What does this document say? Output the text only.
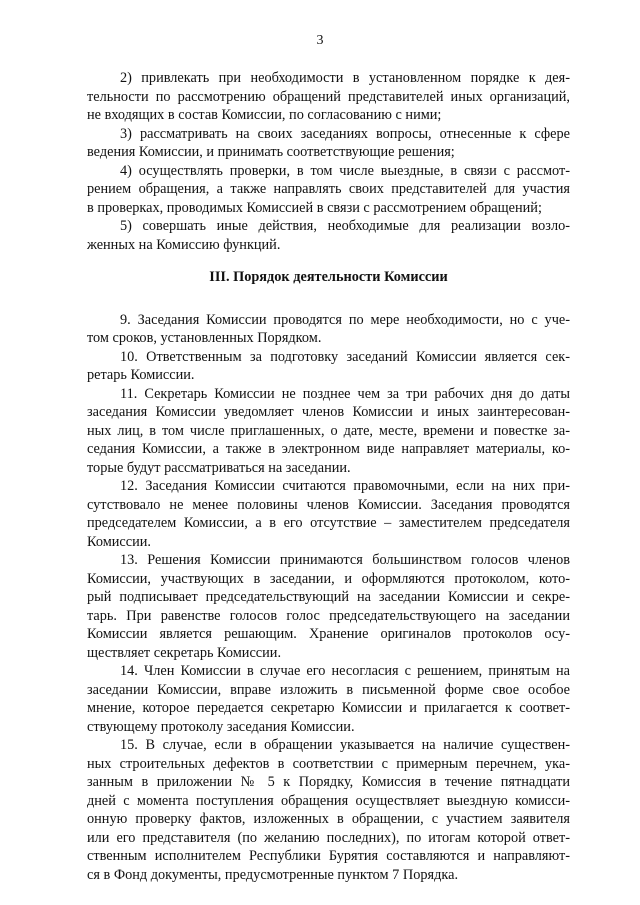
3
2) привлекать при необходимости в установленном порядке к дея-
тельности по рассмотрению обращений представителей иных организаций,
не входящих в состав Комиссии, по согласованию с ними;
3) рассматривать на своих заседаниях вопросы, отнесенные к сфере
ведения Комиссии, и принимать соответствующие решения;
4) осуществлять проверки, в том числе выездные, в связи с рассмот-
рением обращения, а также направлять своих представителей для участия
в проверках, проводимых Комиссией в связи с рассмотрением обращений;
5) совершать иные действия, необходимые для реализации возло-
женных на Комиссию функций.
III. Порядок деятельности Комиссии
9. Заседания Комиссии проводятся по мере необходимости, но с уче-
том сроков, установленных Порядком.
10. Ответственным за подготовку заседаний Комиссии является сек-
ретарь Комиссии.
11. Секретарь Комиссии не позднее чем за три рабочих дня до даты
заседания Комиссии уведомляет членов Комиссии и иных заинтересован-
ных лиц, в том числе приглашенных, о дате, месте, времени и повестке за-
седания Комиссии, а также в электронном виде направляет материалы, ко-
торые будут рассматриваться на заседании.
12. Заседания Комиссии считаются правомочными, если на них при-
сутствовало не менее половины членов Комиссии. Заседания проводятся
председателем Комиссии, а в его отсутствие – заместителем председателя
Комиссии.
13. Решения Комиссии принимаются большинством голосов членов
Комиссии, участвующих в заседании, и оформляются протоколом, кото-
рый подписывает председательствующий на заседании Комиссии и секре-
тарь. При равенстве голосов голос председательствующего на заседании
Комиссии является решающим. Хранение оригиналов протоколов осу-
ществляет секретарь Комиссии.
14. Член Комиссии в случае его несогласия с решением, принятым на
заседании Комиссии, вправе изложить в письменной форме свое особое
мнение, которое передается секретарю Комиссии и прилагается к соответ-
ствующему протоколу заседания Комиссии.
15. В случае, если в обращении указывается на наличие существен-
ных строительных дефектов в соответствии с примерным перечнем, ука-
занным в приложении № 5 к Порядку, Комиссия в течение пятнадцати
дней с момента поступления обращения осуществляет выездную комисси-
онную проверку фактов, изложенных в обращении, с участием заявителя
или его представителя (по желанию последних), по итогам которой ответ-
ственным исполнителем Республики Бурятия составляются и направляют-
ся в Фонд документы, предусмотренные пунктом 7 Порядка.
